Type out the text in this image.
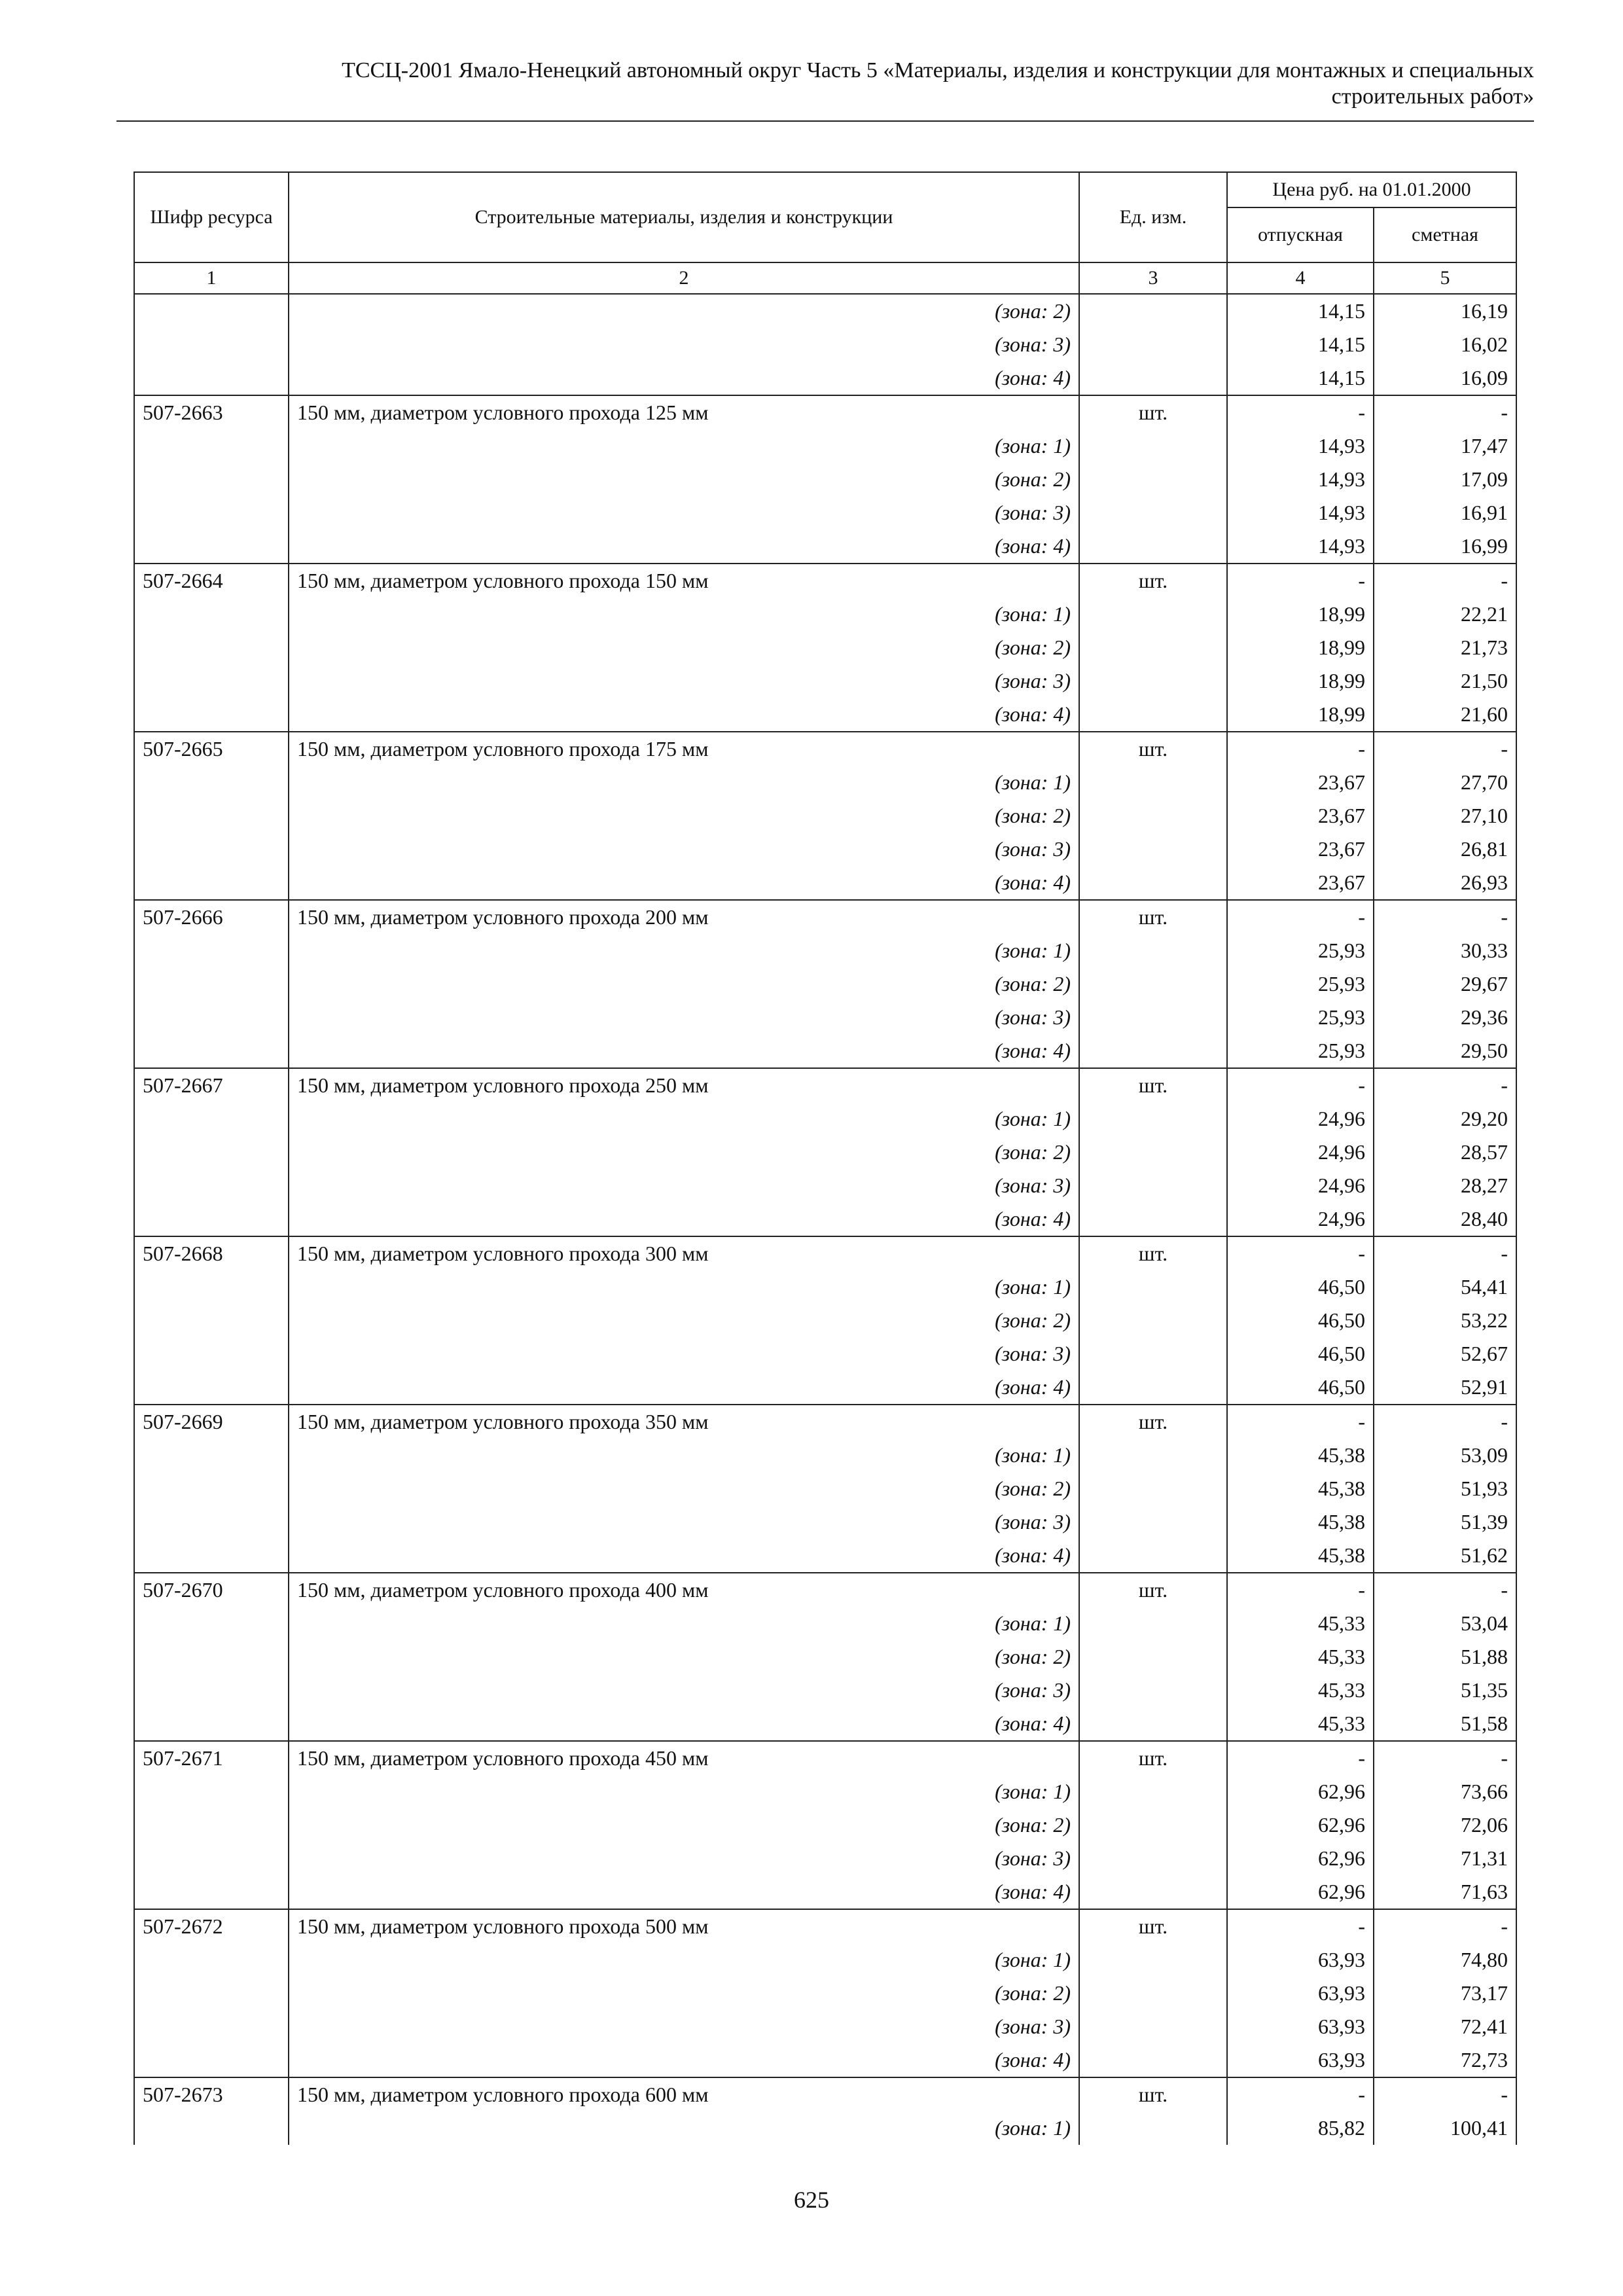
ТССЦ-2001 Ямало-Ненецкий автономный округ Часть 5 «Материалы, изделия и конструкции для монтажных и специальных
строительных работ»
Шифр ресурса	Строительные материалы, изделия и конструкции	Ед. изм.	Цена руб. на 01.01.2000	
			отпускная	сметная
1	2	3	4	5
	(зона: 2)		14,15	16,19
	(зона: 3)		14,15	16,02
	(зона: 4)		14,15	16,09
507-2663	150 мм, диаметром условного прохода 125 мм	шт.	-	-
	(зона: 1)		14,93	17,47
	(зона: 2)		14,93	17,09
	(зона: 3)		14,93	16,91
	(зона: 4)		14,93	16,99
507-2664	150 мм, диаметром условного прохода 150 мм	шт.	-	-
	(зона: 1)		18,99	22,21
	(зона: 2)		18,99	21,73
	(зона: 3)		18,99	21,50
	(зона: 4)		18,99	21,60
507-2665	150 мм, диаметром условного прохода 175 мм	шт.	-	-
	(зона: 1)		23,67	27,70
	(зона: 2)		23,67	27,10
	(зона: 3)		23,67	26,81
	(зона: 4)		23,67	26,93
507-2666	150 мм, диаметром условного прохода 200 мм	шт.	-	-
	(зона: 1)		25,93	30,33
	(зона: 2)		25,93	29,67
	(зона: 3)		25,93	29,36
	(зона: 4)		25,93	29,50
507-2667	150 мм, диаметром условного прохода 250 мм	шт.	-	-
	(зона: 1)		24,96	29,20
	(зона: 2)		24,96	28,57
	(зона: 3)		24,96	28,27
	(зона: 4)		24,96	28,40
507-2668	150 мм, диаметром условного прохода 300 мм	шт.	-	-
	(зона: 1)		46,50	54,41
	(зона: 2)		46,50	53,22
	(зона: 3)		46,50	52,67
	(зона: 4)		46,50	52,91
507-2669	150 мм, диаметром условного прохода 350 мм	шт.	-	-
	(зона: 1)		45,38	53,09
	(зона: 2)		45,38	51,93
	(зона: 3)		45,38	51,39
	(зона: 4)		45,38	51,62
507-2670	150 мм, диаметром условного прохода 400 мм	шт.	-	-
	(зона: 1)		45,33	53,04
	(зона: 2)		45,33	51,88
	(зона: 3)		45,33	51,35
	(зона: 4)		45,33	51,58
507-2671	150 мм, диаметром условного прохода 450 мм	шт.	-	-
	(зона: 1)		62,96	73,66
	(зона: 2)		62,96	72,06
	(зона: 3)		62,96	71,31
	(зона: 4)		62,96	71,63
507-2672	150 мм, диаметром условного прохода 500 мм	шт.	-	-
	(зона: 1)		63,93	74,80
	(зона: 2)		63,93	73,17
	(зона: 3)		63,93	72,41
	(зона: 4)		63,93	72,73
507-2673	150 мм, диаметром условного прохода 600 мм	шт.	-	-
	(зона: 1)		85,82	100,41
625
